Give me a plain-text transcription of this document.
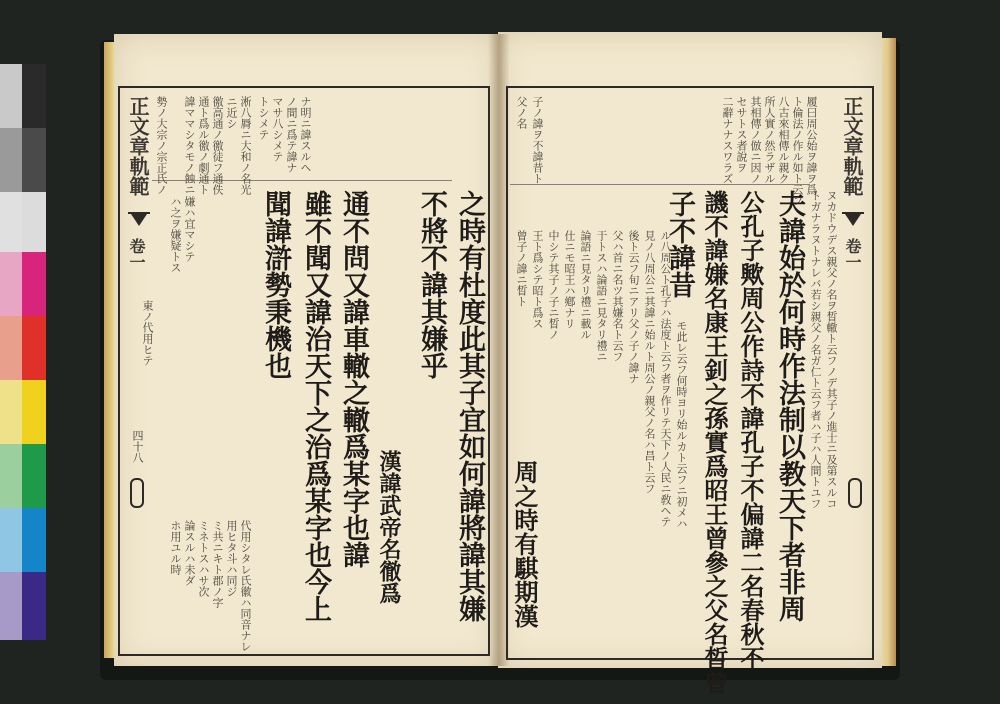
正文章軌範
卷一
四十八
淅八脣ニ大和ノ名光
ニ近シ
徼高通ノ徼徒フ通佚
通ト爲ル徼ノ劇通ト
諱ママシタモノ蝕ニ	ナ明ニ諱スルヘ
ノ間ニ爲テ諱ナ
マサ八シメテ
トシメテ
嫌ハ宜マシテ
ハ之ヲ嫌疑トス
勢ノ大宗ノ宗正氏ノ
東ノ代用ヒテ
代用シタレ氏徽ハ同音ナレ
用ヒタ斗ハ同ジ
ミ共ニキト郡ノ字
ミネトスハサ次
論スルハ未ダ
ホ用ユル時	之時有杜度此其子宜如何諱將諱其嫌
不將不諱其嫌乎
通不問又諱車轍之轍爲某字也諱
雖不聞又諱治天下之治爲某字也今上
聞諱滸勢秉機也
漢諱武帝名徹爲
正文章軌範
卷一
履曰周公始ヲ諱ヲ爲
ト倫法ノ作ル如ト云フ
八古來相傳ル親ク
所人實ノ然ラザル
其相傳ノ倣ニ因ノ
セサトス者說ヲ
二辭ナナスワラズ
ヌカドウデス親父ノ名ヲ晳轍ト云フノデ其子ノ進士ニ及第スルコ
トガナラヌトナレバ若シ親父ノ名ガ仁ト云フ者ハ子ハ人間トユフ
夫諱始於何時作法制以教天下者非周
公孔子歟周公作詩不諱孔子不偏諱二名春秋不
譏不諱嫌名康王釗之孫實爲昭王曾參之父名晳曾
子不諱昔
周之時有騏期漢
モ此レ云フ何時ヨリ始ルカト云フニ初メハ
ル八周公ト孔子ハ法度ト云フ者ヲ作リテ天下ノ人民ニ敎ヘテ
見ノ八周公ニ其諱ニ始ルト周公ノ親父ノ名ハ昌ト云フ
後ト云フ旬ニアリ父ノ子ノ諱ナ
父ハ首ニ名ツ其嫌名ト云フ
于トスハ論語ニ見タリ禮ニ
論語ニ見タリ禮ニ載ル
仕ニモ昭王ハ鄕ナリ
中シテ其子ノ子ニ晳ノ
王ト爲シテ昭ト爲ス
曾子ノ諱ニ晳ト
子ノ諱ヲ不諱昔ト
父ノ名
